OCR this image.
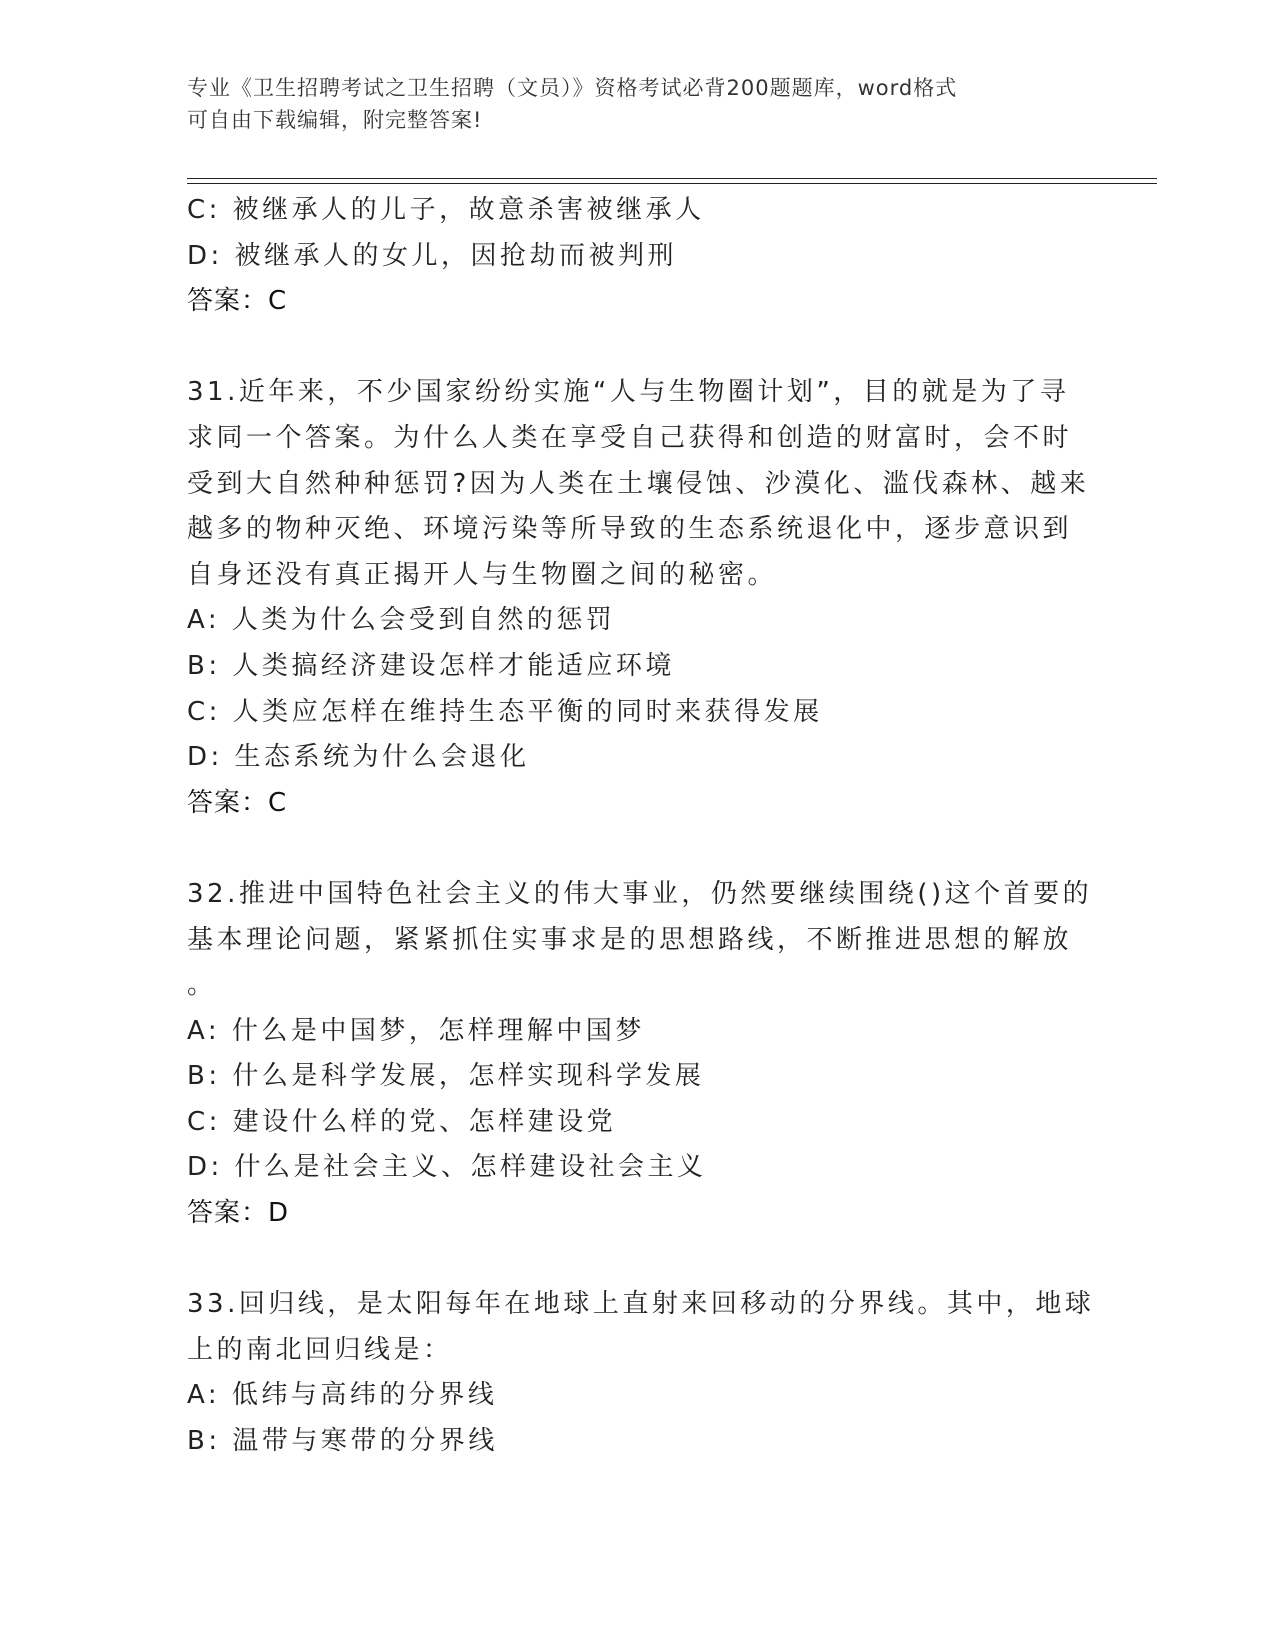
专业《卫生招聘考试之卫生招聘（文员）》资格考试必背200题题库，word格式
可自由下载编辑，附完整答案!
C: 被继承人的儿子，故意杀害被继承人
D: 被继承人的女儿，因抢劫而被判刑
答案：C
31.近年来，不少国家纷纷实施“人与生物圈计划”，目的就是为了寻
求同一个答案。为什么人类在享受自己获得和创造的财富时，会不时
受到大自然种种惩罚?因为人类在土壤侵蚀、沙漠化、滥伐森林、越来
越多的物种灭绝、环境污染等所导致的生态系统退化中，逐步意识到
自身还没有真正揭开人与生物圈之间的秘密。
A: 人类为什么会受到自然的惩罚
B: 人类搞经济建设怎样才能适应环境
C: 人类应怎样在维持生态平衡的同时来获得发展
D: 生态系统为什么会退化
答案：C
32.推进中国特色社会主义的伟大事业，仍然要继续围绕()这个首要的
基本理论问题，紧紧抓住实事求是的思想路线，不断推进思想的解放
。
A: 什么是中国梦，怎样理解中国梦
B: 什么是科学发展，怎样实现科学发展
C: 建设什么样的党、怎样建设党
D: 什么是社会主义、怎样建设社会主义
答案：D
33.回归线，是太阳每年在地球上直射来回移动的分界线。其中，地球
上的南北回归线是：
A: 低纬与高纬的分界线
B: 温带与寒带的分界线
